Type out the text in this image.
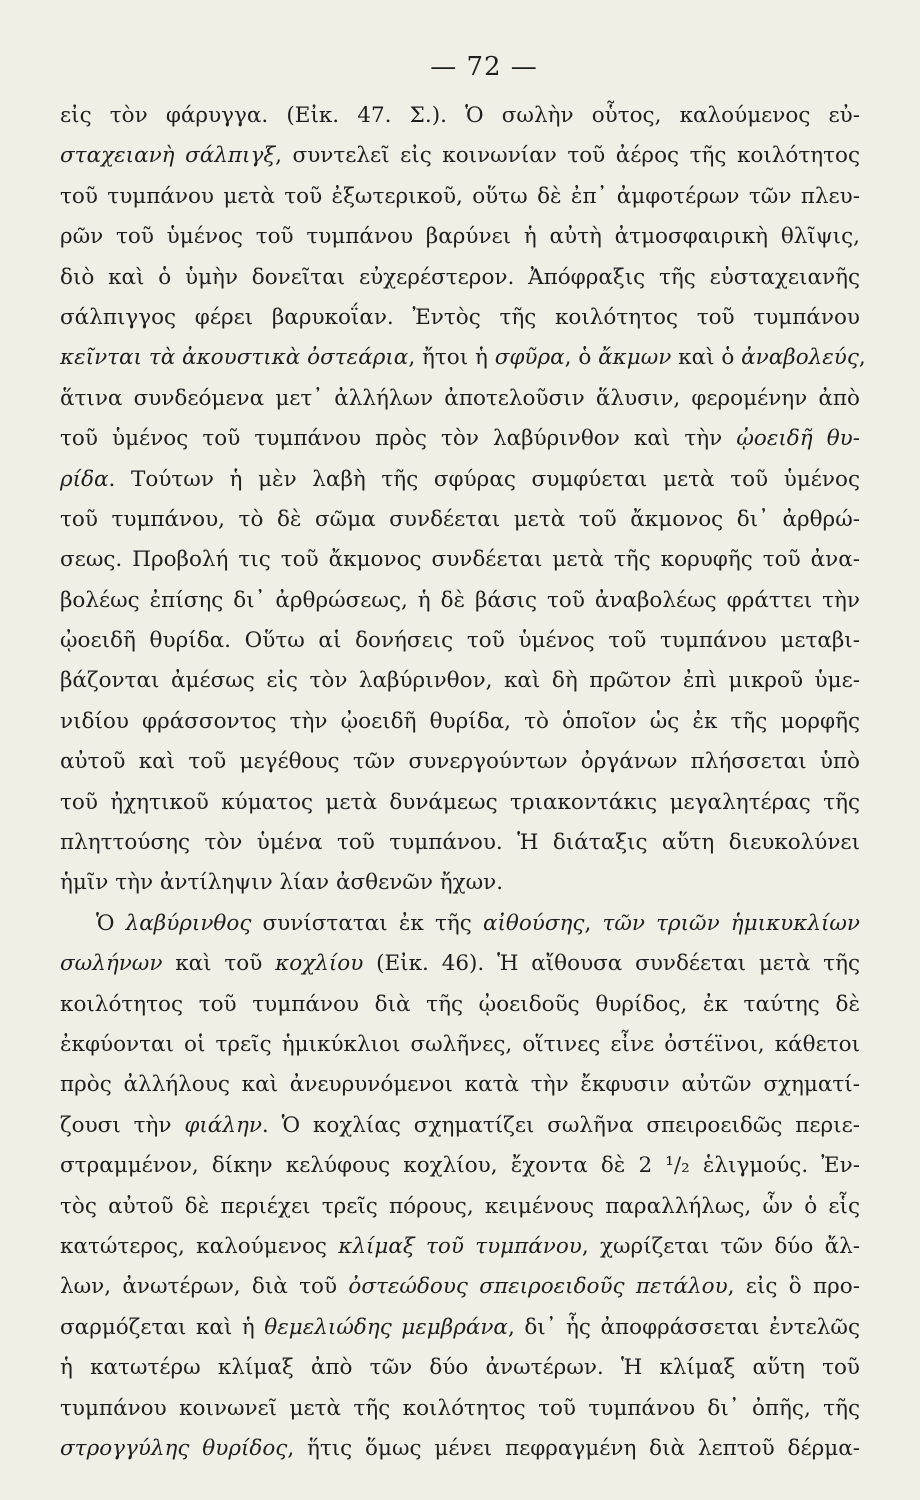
— 72 —
εἰς τὸν φάρυγγα. (Εἰκ. 47. Σ.). Ὁ σωλὴν οὗτος, καλούμενος εὐ-
σταχειανὴ σάλπιγξ, συντελεῖ εἰς κοινωνίαν τοῦ ἀέρος τῆς κοιλότητος
τοῦ τυμπάνου μετὰ τοῦ ἐξωτερικοῦ, οὕτω δὲ ἐπ᾿ ἀμφοτέρων τῶν πλευ-
ρῶν τοῦ ὑμένος τοῦ τυμπάνου βαρύνει ἡ αὐτὴ ἀτμοσφαιρικὴ θλῖψις,
διὸ καὶ ὁ ὑμὴν δονεῖται εὐχερέστερον. Ἀπόφραξις τῆς εὐσταχειανῆς
σάλπιγγος φέρει βαρυκοΐαν. Ἐντὸς τῆς κοιλότητος τοῦ τυμπάνου
κεῖνται τὰ ἀκουστικὰ ὀστεάρια, ἤτοι ἡ σφῦρα, ὁ ἄκμων καὶ ὁ ἀναβολεύς,
ἅτινα συνδεόμενα μετ᾿ ἀλλήλων ἀποτελοῦσιν ἅλυσιν, φερομένην ἀπὸ
τοῦ ὑμένος τοῦ τυμπάνου πρὸς τὸν λαβύρινθον καὶ τὴν ᾠοειδῆ θυ-
ρίδα. Τούτων ἡ μὲν λαβὴ τῆς σφύρας συμφύεται μετὰ τοῦ ὑμένος
τοῦ τυμπάνου, τὸ δὲ σῶμα συνδέεται μετὰ τοῦ ἄκμονος δι᾿ ἀρθρώ-
σεως. Προβολή τις τοῦ ἄκμονος συνδέεται μετὰ τῆς κορυφῆς τοῦ ἀνα-
βολέως ἐπίσης δι᾿ ἀρθρώσεως, ἡ δὲ βάσις τοῦ ἀναβολέως φράττει τὴν
ᾠοειδῆ θυρίδα. Οὕτω αἱ δονήσεις τοῦ ὑμένος τοῦ τυμπάνου μεταβι-
βάζονται ἀμέσως εἰς τὸν λαβύρινθον, καὶ δὴ πρῶτον ἐπὶ μικροῦ ὑμε-
νιδίου φράσσοντος τὴν ᾠοειδῆ θυρίδα, τὸ ὁποῖον ὡς ἐκ τῆς μορφῆς
αὐτοῦ καὶ τοῦ μεγέθους τῶν συνεργούντων ὀργάνων πλήσσεται ὑπὸ
τοῦ ἠχητικοῦ κύματος μετὰ δυνάμεως τριακοντάκις μεγαλητέρας τῆς
πληττούσης τὸν ὑμένα τοῦ τυμπάνου. Ἡ διάταξις αὕτη διευκολύνει
ἡμῖν τὴν ἀντίληψιν λίαν ἀσθενῶν ἤχων.
Ὁ λαβύρινθος συνίσταται ἐκ τῆς αἰθούσης, τῶν τριῶν ἡμικυκλίων
σωλήνων καὶ τοῦ κοχλίου (Εἰκ. 46). Ἡ αἴθουσα συνδέεται μετὰ τῆς
κοιλότητος τοῦ τυμπάνου διὰ τῆς ᾠοειδοῦς θυρίδος, ἐκ ταύτης δὲ
ἐκφύονται οἱ τρεῖς ἡμικύκλιοι σωλῆνες, οἵτινες εἶνε ὀστέϊνοι, κάθετοι
πρὸς ἀλλήλους καὶ ἀνευρυνόμενοι κατὰ τὴν ἔκφυσιν αὐτῶν σχηματί-
ζουσι τὴν φιάλην. Ὁ κοχλίας σχηματίζει σωλῆνα σπειροειδῶς περιε-
στραμμένον, δίκην κελύφους κοχλίου, ἔχοντα δὲ 2 ¹/₂ ἑλιγμούς. Ἐν-
τὸς αὐτοῦ δὲ περιέχει τρεῖς πόρους, κειμένους παραλλήλως, ὧν ὁ εἷς
κατώτερος, καλούμενος κλίμαξ τοῦ τυμπάνου, χωρίζεται τῶν δύο ἄλ-
λων, ἀνωτέρων, διὰ τοῦ ὀστεώδους σπειροειδοῦς πετάλου, εἰς ὃ προ-
σαρμόζεται καὶ ἡ θεμελιώδης μεμβράνα, δι᾿ ἧς ἀποφράσσεται ἐντελῶς
ἡ κατωτέρω κλίμαξ ἀπὸ τῶν δύο ἀνωτέρων. Ἡ κλίμαξ αὕτη τοῦ
τυμπάνου κοινωνεῖ μετὰ τῆς κοιλότητος τοῦ τυμπάνου δι᾿ ὀπῆς, τῆς
στρογγύλης θυρίδος, ἥτις ὅμως μένει πεφραγμένη διὰ λεπτοῦ δέρμα-
